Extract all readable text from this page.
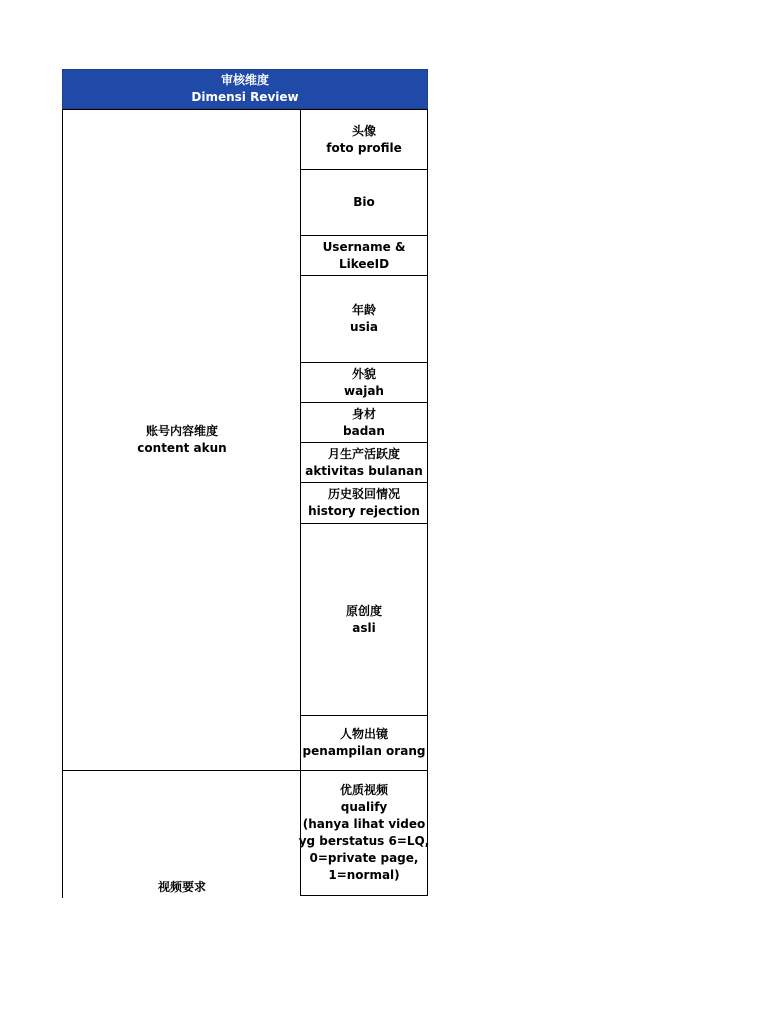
审核维度
Dimensi Review
账号内容维度
content akun
头像
foto profile
Bio
Username &
LikeeID
年龄
usia
外貌
wajah
身材
badan
月生产活跃度
aktivitas bulanan
历史驳回情况
history rejection
原创度
asli
人物出镜
penampilan orang
视频要求
优质视频
qualify
(hanya lihat video
yg berstatus 6=LQ,
0=private page,
1=normal)
